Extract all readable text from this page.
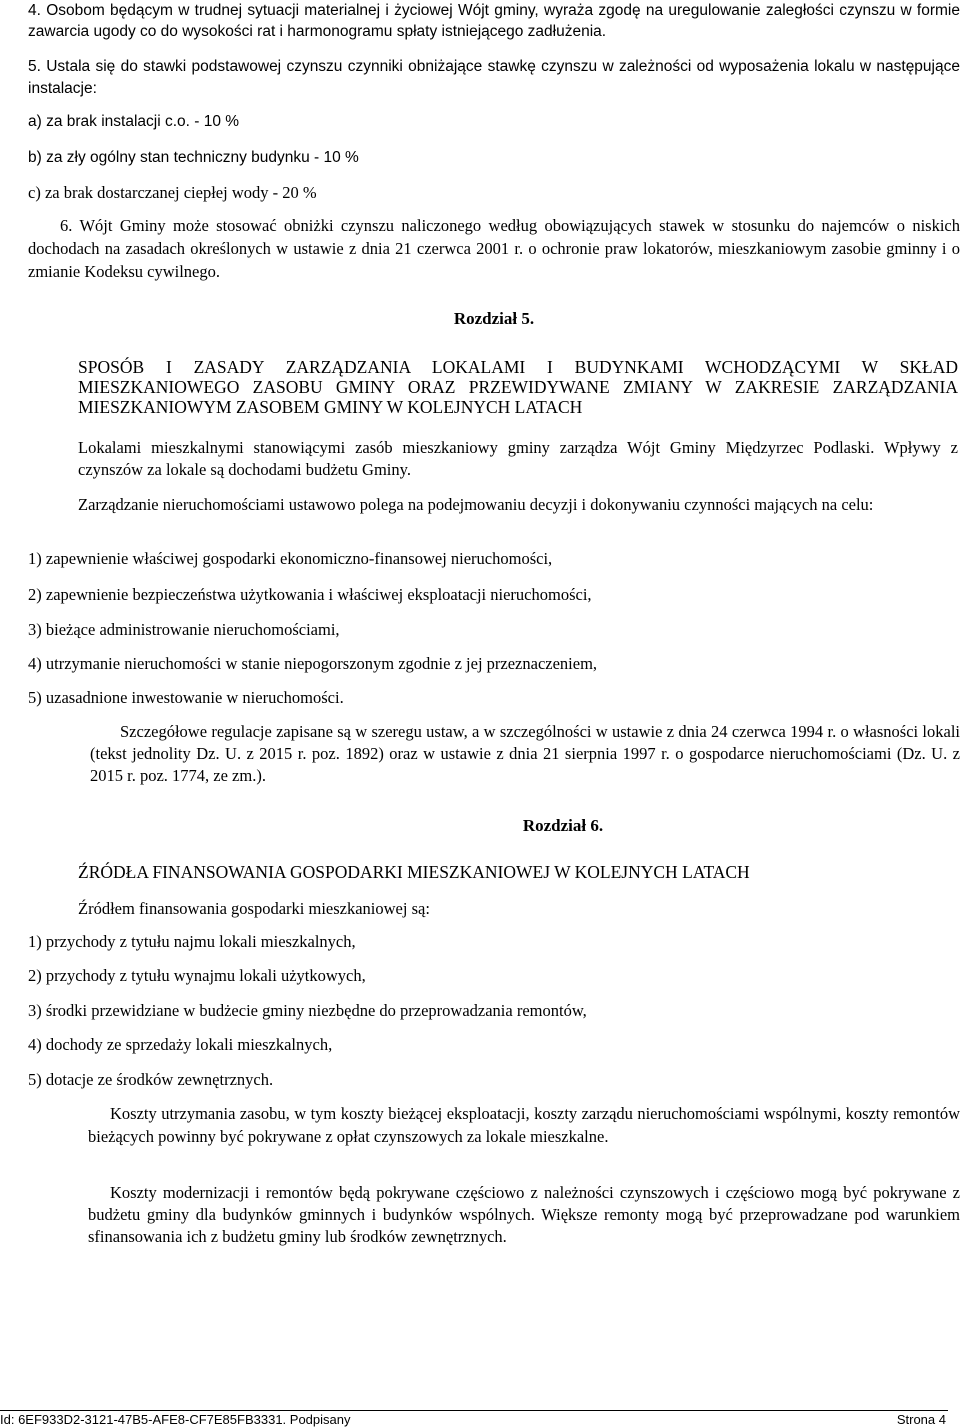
4. Osobom będącym w trudnej sytuacji materialnej i życiowej Wójt gminy, wyraża zgodę na uregulowanie zaległości czynszu w formie zawarcia ugody co do wysokości rat i harmonogramu spłaty istniejącego zadłużenia.

5. Ustala się do stawki podstawowej czynszu czynniki obniżające stawkę czynszu w zależności od wyposażenia lokalu w następujące instalacje:

a) za brak instalacji c.o. - 10 %

b) za zły ogólny stan techniczny budynku - 10 %

c) za brak dostarczanej ciepłej wody - 20 %

6. Wójt Gminy może stosować obniżki czynszu naliczonego według obowiązujących stawek w stosunku do najemców o niskich dochodach na zasadach określonych w ustawie z dnia 21 czerwca 2001 r. o ochronie praw lokatorów, mieszkaniowym zasobie gminny i o zmianie Kodeksu cywilnego.

Rozdział 5.
SPOSÓB I ZASADY ZARZĄDZANIA LOKALAMI I BUDYNKAMI WCHODZĄCYMI W SKŁAD MIESZKANIOWEGO ZASOBU GMINY ORAZ PRZEWIDYWANE ZMIANY W ZAKRESIE ZARZĄDZANIA MIESZKANIOWYM ZASOBEM GMINY W KOLEJNYCH LATACH

Lokalami mieszkalnymi stanowiącymi zasób mieszkaniowy gminy zarządza Wójt Gminy Międzyrzec Podlaski. Wpływy z czynszów za lokale są dochodami budżetu Gminy.

Zarządzanie nieruchomościami ustawowo polega na podejmowaniu decyzji i dokonywaniu czynności mających na celu:

1) zapewnienie właściwej gospodarki ekonomiczno-finansowej nieruchomości,

2) zapewnienie bezpieczeństwa użytkowania i właściwej eksploatacji nieruchomości,

3) bieżące administrowanie nieruchomościami,

4) utrzymanie nieruchomości w stanie niepogorszonym zgodnie z jej przeznaczeniem,

5) uzasadnione inwestowanie w nieruchomości.

Szczegółowe regulacje zapisane są w szeregu ustaw, a w szczególności w ustawie z dnia 24 czerwca 1994 r. o własności lokali (tekst jednolity Dz. U. z 2015 r. poz. 1892) oraz w ustawie z dnia 21 sierpnia 1997 r. o gospodarce nieruchomościami (Dz. U. z 2015 r. poz. 1774, ze zm.).

Rozdział 6.
ŹRÓDŁA FINANSOWANIA GOSPODARKI MIESZKANIOWEJ W KOLEJNYCH LATACH

Źródłem finansowania gospodarki mieszkaniowej są:

1) przychody z tytułu najmu lokali mieszkalnych,

2) przychody z tytułu wynajmu lokali użytkowych,

3) środki przewidziane w budżecie gminy niezbędne do przeprowadzania remontów,

4) dochody ze sprzedaży lokali mieszkalnych,

5) dotacje ze środków zewnętrznych.

Koszty utrzymania zasobu, w tym koszty bieżącej eksploatacji, koszty zarządu nieruchomościami wspólnymi, koszty remontów bieżących powinny być pokrywane z opłat czynszowych za lokale mieszkalne.

Koszty modernizacji i remontów będą pokrywane częściowo z należności czynszowych i częściowo mogą być pokrywane z budżetu gminy dla budynków gminnych i budynków wspólnych. Większe remonty mogą być przeprowadzane pod warunkiem sfinansowania ich z budżetu gminy lub środków zewnętrznych.

Id: 6EF933D2-3121-47B5-AFE8-CF7E85FB3331. Podpisany	Strona 4
